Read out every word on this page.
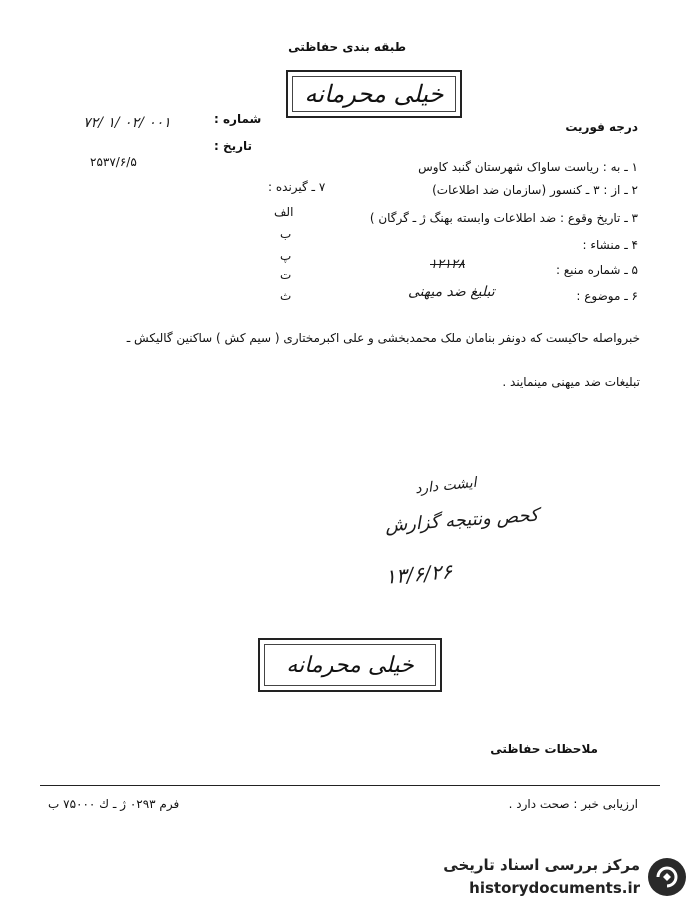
طبقه بندی حفاظتی
خیلی محرمانه
درجه فوریت
شماره :
۷۲/ ۱/ ۰۲/ ۰۰۱
تاریخ :
۲۵۳۷/۶/۵	۱ ـ به : ریاست ساواک شهرستان گنبد کاوس
۲ ـ از : ۳ ـ کنسور (سازمان ضد اطلاعات)
۳ ـ تاریخ وقوع : ضد اطلاعات وابسته بهنگ ژ ـ گرگان )
۴ ـ منشاء :
۵ ـ شماره منبع :
۱۲۱۲۸
۶ ـ موضوع :
تبلیغ ضد میهنی
۷ ـ گیرنده :
الف
ب
پ
ت
ث
خبرواصله حاکیست که دونفر بنامان ملک محمدبخشی و علی اکبرمختاری ( سیم کش ) ساکنین گالیکش ـ
تبلیغات ضد میهنی مینمایند .
ایشت دارد
کحص ونتیجه گزارش
۱۳/۶/۲۶
خیلی محرمانه
ملاحظات حفاظتی
ارزیابی خبر : صحت دارد .
فرم ۰۲۹۳ ژ ـ ك ۷۵۰۰۰ ب
مرکز بررسی اسناد تاریخی
historydocuments.ir
